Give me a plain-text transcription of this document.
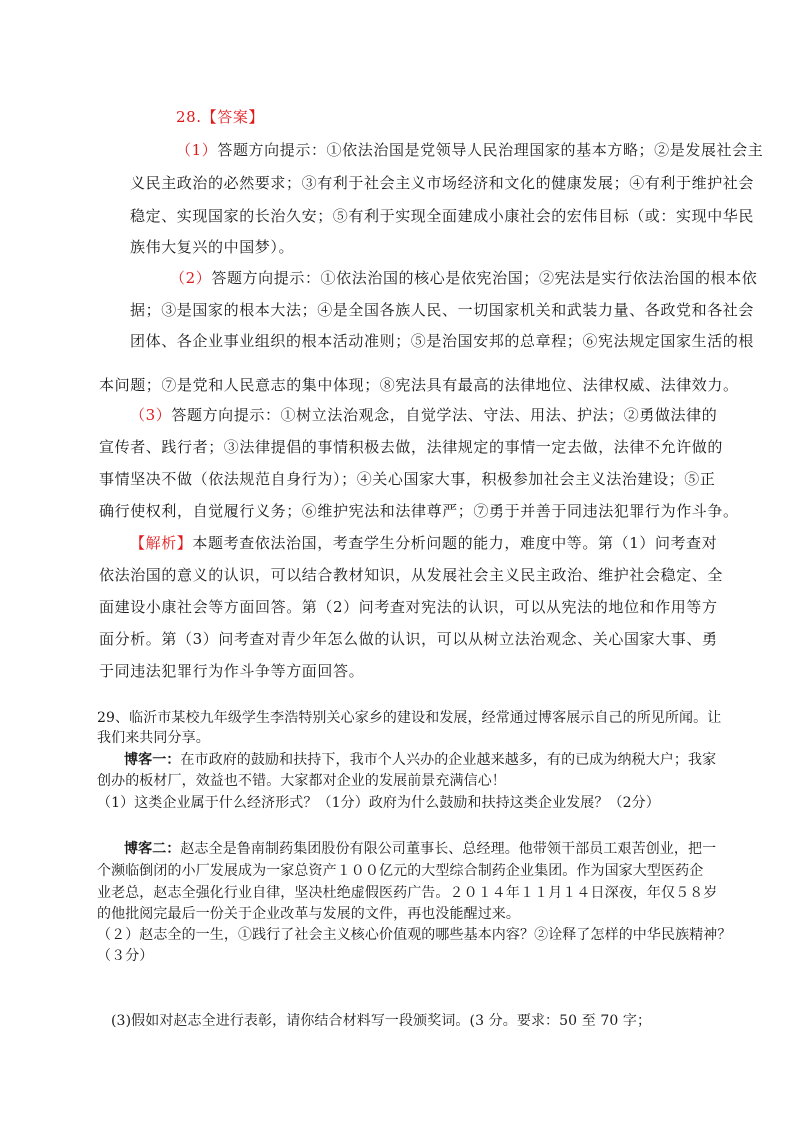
28.【答案】
（1）答题方向提示：①依法治国是党领导人民治理国家的基本方略；②是发展社会主
义民主政治的必然要求；③有利于社会主义市场经济和文化的健康发展；④有利于维护社会
稳定、实现国家的长治久安；⑤有利于实现全面建成小康社会的宏伟目标（或：实现中华民
族伟大复兴的中国梦）。
（2）答题方向提示：①依法治国的核心是依宪治国；②宪法是实行依法治国的根本依
据；③是国家的根本大法；④是全国各族人民、一切国家机关和武装力量、各政党和各社会
团体、各企业事业组织的根本活动准则；⑤是治国安邦的总章程；⑥宪法规定国家生活的根
本问题；⑦是党和人民意志的集中体现；⑧宪法具有最高的法律地位、法律权威、法律效力。
（3）答题方向提示：①树立法治观念，自觉学法、守法、用法、护法；②勇做法律的
宣传者、践行者；③法律提倡的事情积极去做，法律规定的事情一定去做，法律不允许做的
事情坚决不做（依法规范自身行为）；④关心国家大事，积极参加社会主义法治建设；⑤正
确行使权利，自觉履行义务；⑥维护宪法和法律尊严；⑦勇于并善于同违法犯罪行为作斗争。
【解析】本题考查依法治国，考查学生分析问题的能力，难度中等。第（1）问考查对
依法治国的意义的认识，可以结合教材知识，从发展社会主义民主政治、维护社会稳定、全
面建设小康社会等方面回答。第（2）问考查对宪法的认识，可以从宪法的地位和作用等方
面分析。第（3）问考查对青少年怎么做的认识，可以从树立法治观念、关心国家大事、勇
于同违法犯罪行为作斗争等方面回答。
29、临沂市某校九年级学生李浩特别关心家乡的建设和发展，经常通过博客展示自己的所见所闻。让
我们来共同分享。
博客一：在市政府的鼓励和扶持下，我市个人兴办的企业越来越多，有的已成为纳税大户；我家
创办的板材厂，效益也不错。大家都对企业的发展前景充满信心！
（1）这类企业属于什么经济形式？（1分）政府为什么鼓励和扶持这类企业发展？（2分）
博客二：赵志全是鲁南制药集团股份有限公司董事长、总经理。他带领干部员工艰苦创业，把一
个濒临倒闭的小厂发展成为一家总资产１００亿元的大型综合制药企业集团。作为国家大型医药企
业老总，赵志全强化行业自律，坚决杜绝虚假医药广告。２０１４年１１月１４日深夜，年仅５８岁
的他批阅完最后一份关于企业改革与发展的文件，再也没能醒过来。
（２）赵志全的一生，①践行了社会主义核心价值观的哪些基本内容？②诠释了怎样的中华民族精神？
（３分）
(3)假如对赵志全进行表彰，请你结合材料写一段颁奖词。(3 分。要求：50 至 70 字；
